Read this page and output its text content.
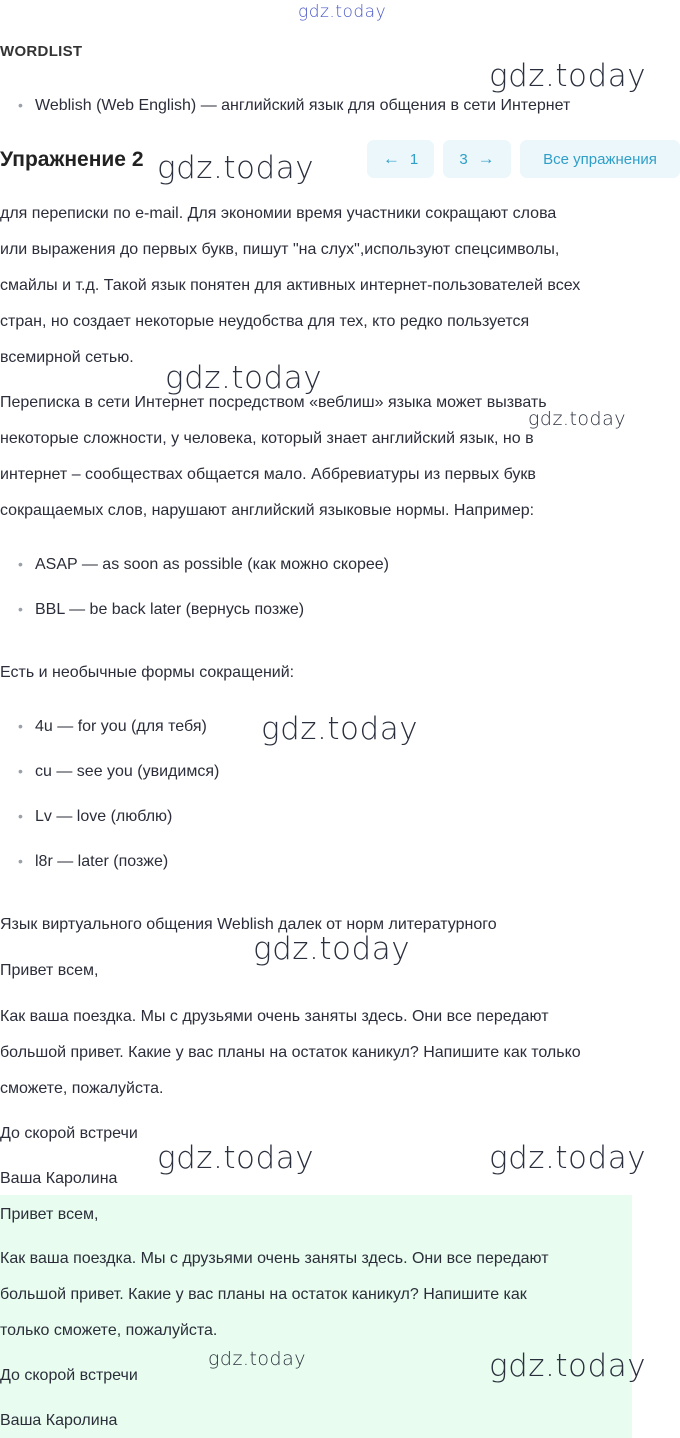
gdz.today
gdz.today
gdz.today
gdz.today
gdz.today
gdz.today
gdz.today
gdz.today	gdz.today
WORDLIST
• Weblish (Web English) — английский язык для общения в сети Интернет
Упражнение 2	← 1	3 →	Все упражнения
для переписки по e-mail. Для экономии время участники сокращают слова
или выражения до первых букв, пишут "на слух",используют спецсимволы,
смайлы и т.д. Такой язык понятен для активных интернет-пользователей всех
стран, но создает некоторые неудобства для тех, кто редко пользуется
всемирной сетью.
Переписка в сети Интернет посредством «веблиш» языка может вызвать
некоторые сложности, у человека, который знает английский язык, но в
интернет – сообществах общается мало. Аббревиатуры из первых букв
сокращаемых слов, нарушают английский языковые нормы. Например:
• ASAP — as soon as possible (как можно скорее)
• BBL — be back later (вернусь позже)
Есть и необычные формы сокращений:
• 4u — for you (для тебя)
• cu — see you (увидимся)
• Lv — love (люблю)
• l8r — later (позже)
Язык виртуального общения Weblish далек от норм литературного
Привет всем,
Как ваша поездка. Мы с друзьями очень заняты здесь. Они все передают
большой привет. Какие у вас планы на остаток каникул? Напишите как только
сможете, пожалуйста.
До скорой встречи
Ваша Каролина
Привет всем,
Как ваша поездка. Мы с друзьями очень заняты здесь. Они все передают
большой привет. Какие у вас планы на остаток каникул? Напишите как
только сможете, пожалуйста.
До скорой встречи
Ваша Каролина
gdz.today	gdz.today
